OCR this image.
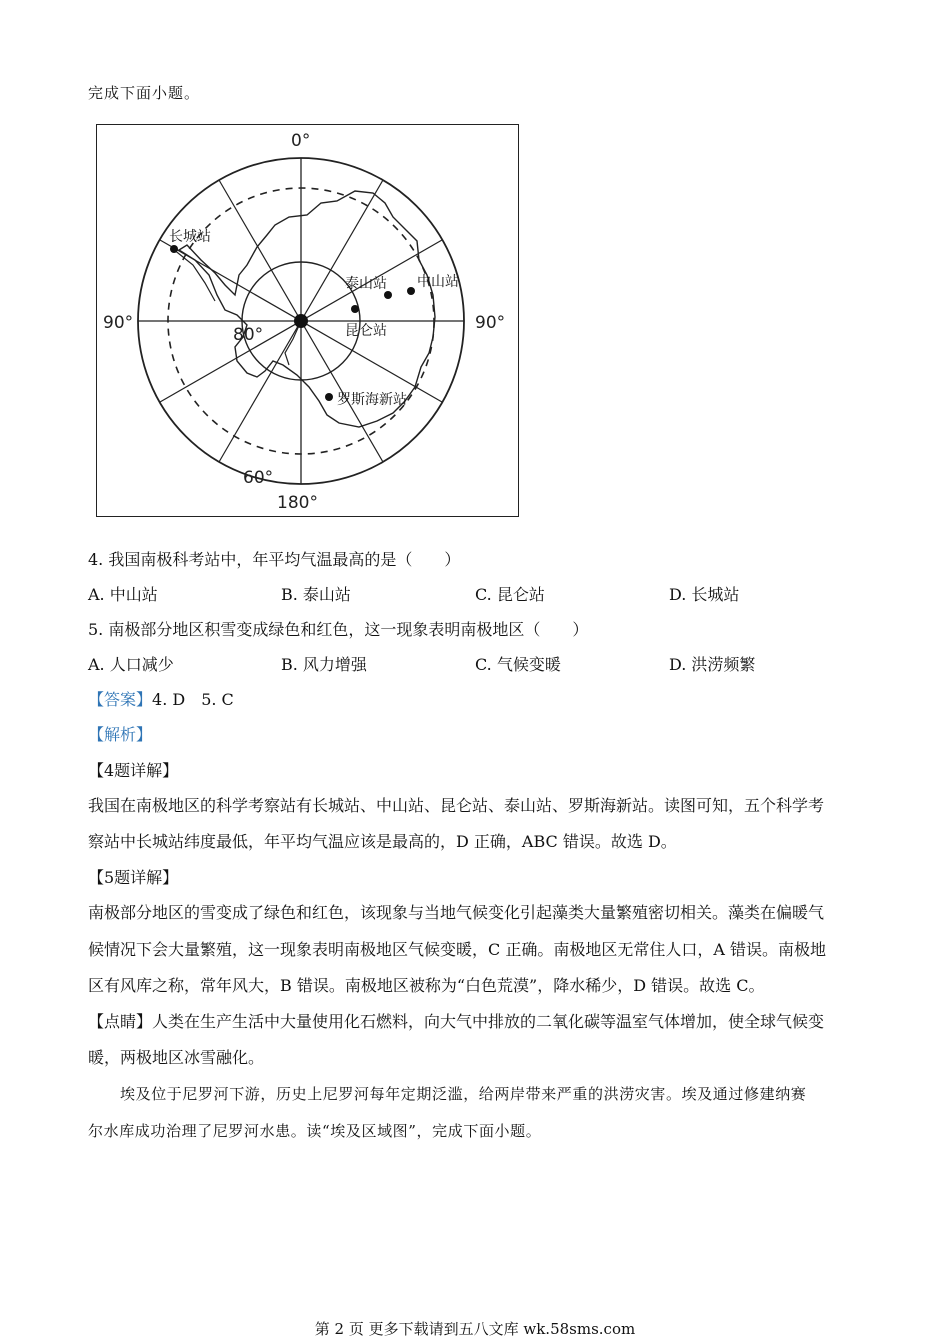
完成下面小题。
0°
90°	90°
180°
80°
60°
长城站
泰山站 中山站
昆仑站
罗斯海新站
4. 我国南极科考站中，年平均气温最高的是（　　）
A. 中山站	B. 泰山站	C. 昆仑站	D. 长城站
5. 南极部分地区积雪变成绿色和红色，这一现象表明南极地区（　　）
A. 人口减少	B. 风力增强	C. 气候变暖	D. 洪涝频繁
【答案】4. D　5. C
【解析】
【4题详解】
我国在南极地区的科学考察站有长城站、中山站、昆仑站、泰山站、罗斯海新站。读图可知，五个科学考
察站中长城站纬度最低，年平均气温应该是最高的，D 正确，ABC 错误。故选 D。
【5题详解】
南极部分地区的雪变成了绿色和红色，该现象与当地气候变化引起藻类大量繁殖密切相关。藻类在偏暖气
候情况下会大量繁殖，这一现象表明南极地区气候变暖，C 正确。南极地区无常住人口，A 错误。南极地
区有风库之称，常年风大，B 错误。南极地区被称为“白色荒漠”，降水稀少，D 错误。故选 C。
【点睛】人类在生产生活中大量使用化石燃料，向大气中排放的二氧化碳等温室气体增加，使全球气候变
暖，两极地区冰雪融化。
埃及位于尼罗河下游，历史上尼罗河每年定期泛滥，给两岸带来严重的洪涝灾害。埃及通过修建纳赛
尔水库成功治理了尼罗河水患。读“埃及区域图”，完成下面小题。
第 2 页 更多下载请到五八文库 wk.58sms.com
